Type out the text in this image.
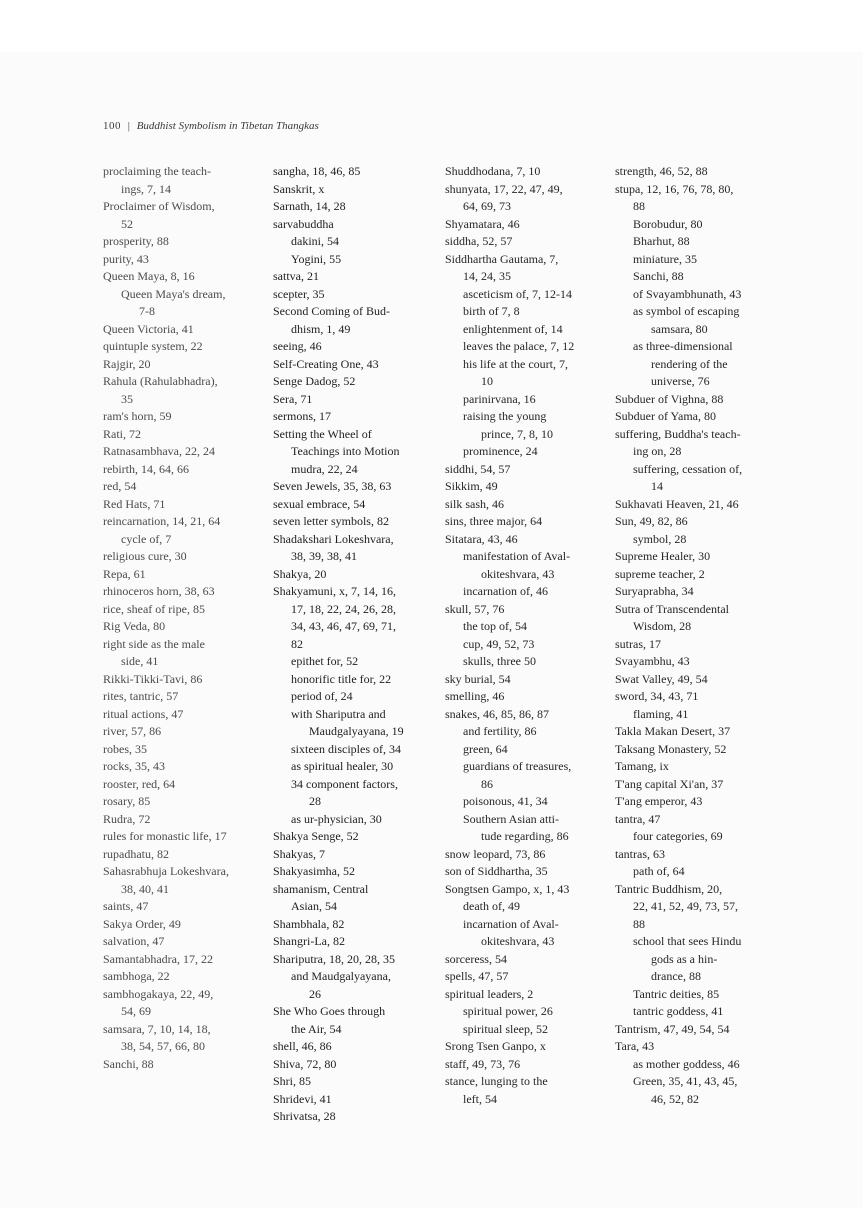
100 | Buddhist Symbolism in Tibetan Thangkas
proclaiming the teach-
ings, 7, 14
Proclaimer of Wisdom,
52
prosperity, 88
purity, 43
Queen Maya, 8, 16
Queen Maya's dream,
7-8
Queen Victoria, 41
quintuple system, 22
Rajgir, 20
Rahula (Rahulabhadra),
35
ram's horn, 59
Rati, 72
Ratnasambhava, 22, 24
rebirth, 14, 64, 66
red, 54
Red Hats, 71
reincarnation, 14, 21, 64
cycle of, 7
religious cure, 30
Repa, 61
rhinoceros horn, 38, 63
rice, sheaf of ripe, 85
Rig Veda, 80
right side as the male
side, 41
Rikki-Tikki-Tavi, 86
rites, tantric, 57
ritual actions, 47
river, 57, 86
robes, 35
rocks, 35, 43
rooster, red, 64
rosary, 85
Rudra, 72
rules for monastic life, 17
rupadhatu, 82
Sahasrabhuja Lokeshvara,
38, 40, 41
saints, 47
Sakya Order, 49
salvation, 47
Samantabhadra, 17, 22
sambhoga, 22
sambhogakaya, 22, 49,
54, 69
samsara, 7, 10, 14, 18,
38, 54, 57, 66, 80
Sanchi, 88
sangha, 18, 46, 85
Sanskrit, x
Sarnath, 14, 28
sarvabuddha
dakini, 54
Yogini, 55
sattva, 21
scepter, 35
Second Coming of Bud-
dhism, 1, 49
seeing, 46
Self-Creating One, 43
Senge Dadog, 52
Sera, 71
sermons, 17
Setting the Wheel of
Teachings into Motion
mudra, 22, 24
Seven Jewels, 35, 38, 63
sexual embrace, 54
seven letter symbols, 82
Shadakshari Lokeshvara,
38, 39, 38, 41
Shakya, 20
Shakyamuni, x, 7, 14, 16,
17, 18, 22, 24, 26, 28,
34, 43, 46, 47, 69, 71,
82
epithet for, 52
honorific title for, 22
period of, 24
with Shariputra and
Maudgalyayana, 19
sixteen disciples of, 34
as spiritual healer, 30
34 component factors,
28
as ur-physician, 30
Shakya Senge, 52
Shakyas, 7
Shakyasimha, 52
shamanism, Central
Asian, 54
Shambhala, 82
Shangri-La, 82
Shariputra, 18, 20, 28, 35
and Maudgalyayana,
26
She Who Goes through
the Air, 54
shell, 46, 86
Shiva, 72, 80
Shri, 85
Shridevi, 41
Shrivatsa, 28
Shuddhodana, 7, 10
shunyata, 17, 22, 47, 49,
64, 69, 73
Shyamatara, 46
siddha, 52, 57
Siddhartha Gautama, 7,
14, 24, 35
asceticism of, 7, 12-14
birth of 7, 8
enlightenment of, 14
leaves the palace, 7, 12
his life at the court, 7,
10
parinirvana, 16
raising the young
prince, 7, 8, 10
prominence, 24
siddhi, 54, 57
Sikkim, 49
silk sash, 46
sins, three major, 64
Sitatara, 43, 46
manifestation of Aval-
okiteshvara, 43
incarnation of, 46
skull, 57, 76
the top of, 54
cup, 49, 52, 73
skulls, three 50
sky burial, 54
smelling, 46
snakes, 46, 85, 86, 87
and fertility, 86
green, 64
guardians of treasures,
86
poisonous, 41, 34
Southern Asian atti-
tude regarding, 86
snow leopard, 73, 86
son of Siddhartha, 35
Songtsen Gampo, x, 1, 43
death of, 49
incarnation of Aval-
okiteshvara, 43
sorceress, 54
spells, 47, 57
spiritual leaders, 2
spiritual power, 26
spiritual sleep, 52
Srong Tsen Ganpo, x
staff, 49, 73, 76
stance, lunging to the
left, 54
strength, 46, 52, 88
stupa, 12, 16, 76, 78, 80,
88
Borobudur, 80
Bharhut, 88
miniature, 35
Sanchi, 88
of Svayambhunath, 43
as symbol of escaping
samsara, 80
as three-dimensional
rendering of the
universe, 76
Subduer of Vighna, 88
Subduer of Yama, 80
suffering, Buddha's teach-
ing on, 28
suffering, cessation of,
14
Sukhavati Heaven, 21, 46
Sun, 49, 82, 86
symbol, 28
Supreme Healer, 30
supreme teacher, 2
Suryaprabha, 34
Sutra of Transcendental
Wisdom, 28
sutras, 17
Svayambhu, 43
Swat Valley, 49, 54
sword, 34, 43, 71
flaming, 41
Takla Makan Desert, 37
Taksang Monastery, 52
Tamang, ix
T'ang capital Xi'an, 37
T'ang emperor, 43
tantra, 47
four categories, 69
tantras, 63
path of, 64
Tantric Buddhism, 20,
22, 41, 52, 49, 73, 57,
88
school that sees Hindu
gods as a hin-
drance, 88
Tantric deities, 85
tantric goddess, 41
Tantrism, 47, 49, 54, 54
Tara, 43
as mother goddess, 46
Green, 35, 41, 43, 45,
46, 52, 82
